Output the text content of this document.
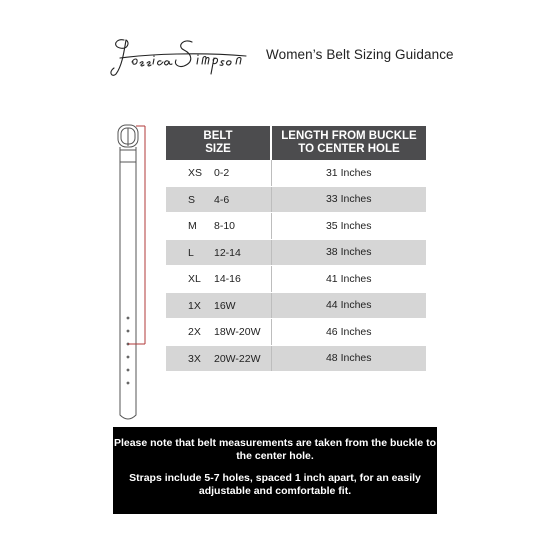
Women’s Belt Sizing Guidance
BELT
SIZE	LENGTH FROM BUCKLE
TO CENTER HOLE

XS 0-2	31 Inches

S 4-6	33 Inches

M 8-10	35 Inches

L 12-14	38 Inches

XL 14-16	41 Inches

1X 16W	44 Inches

2X 18W-20W	46 Inches

3X 20W-22W	48 Inches

Please note that belt measurements are taken from the buckle to the center hole.

Straps include 5-7 holes, spaced 1 inch apart, for an easily adjustable and comfortable fit.
